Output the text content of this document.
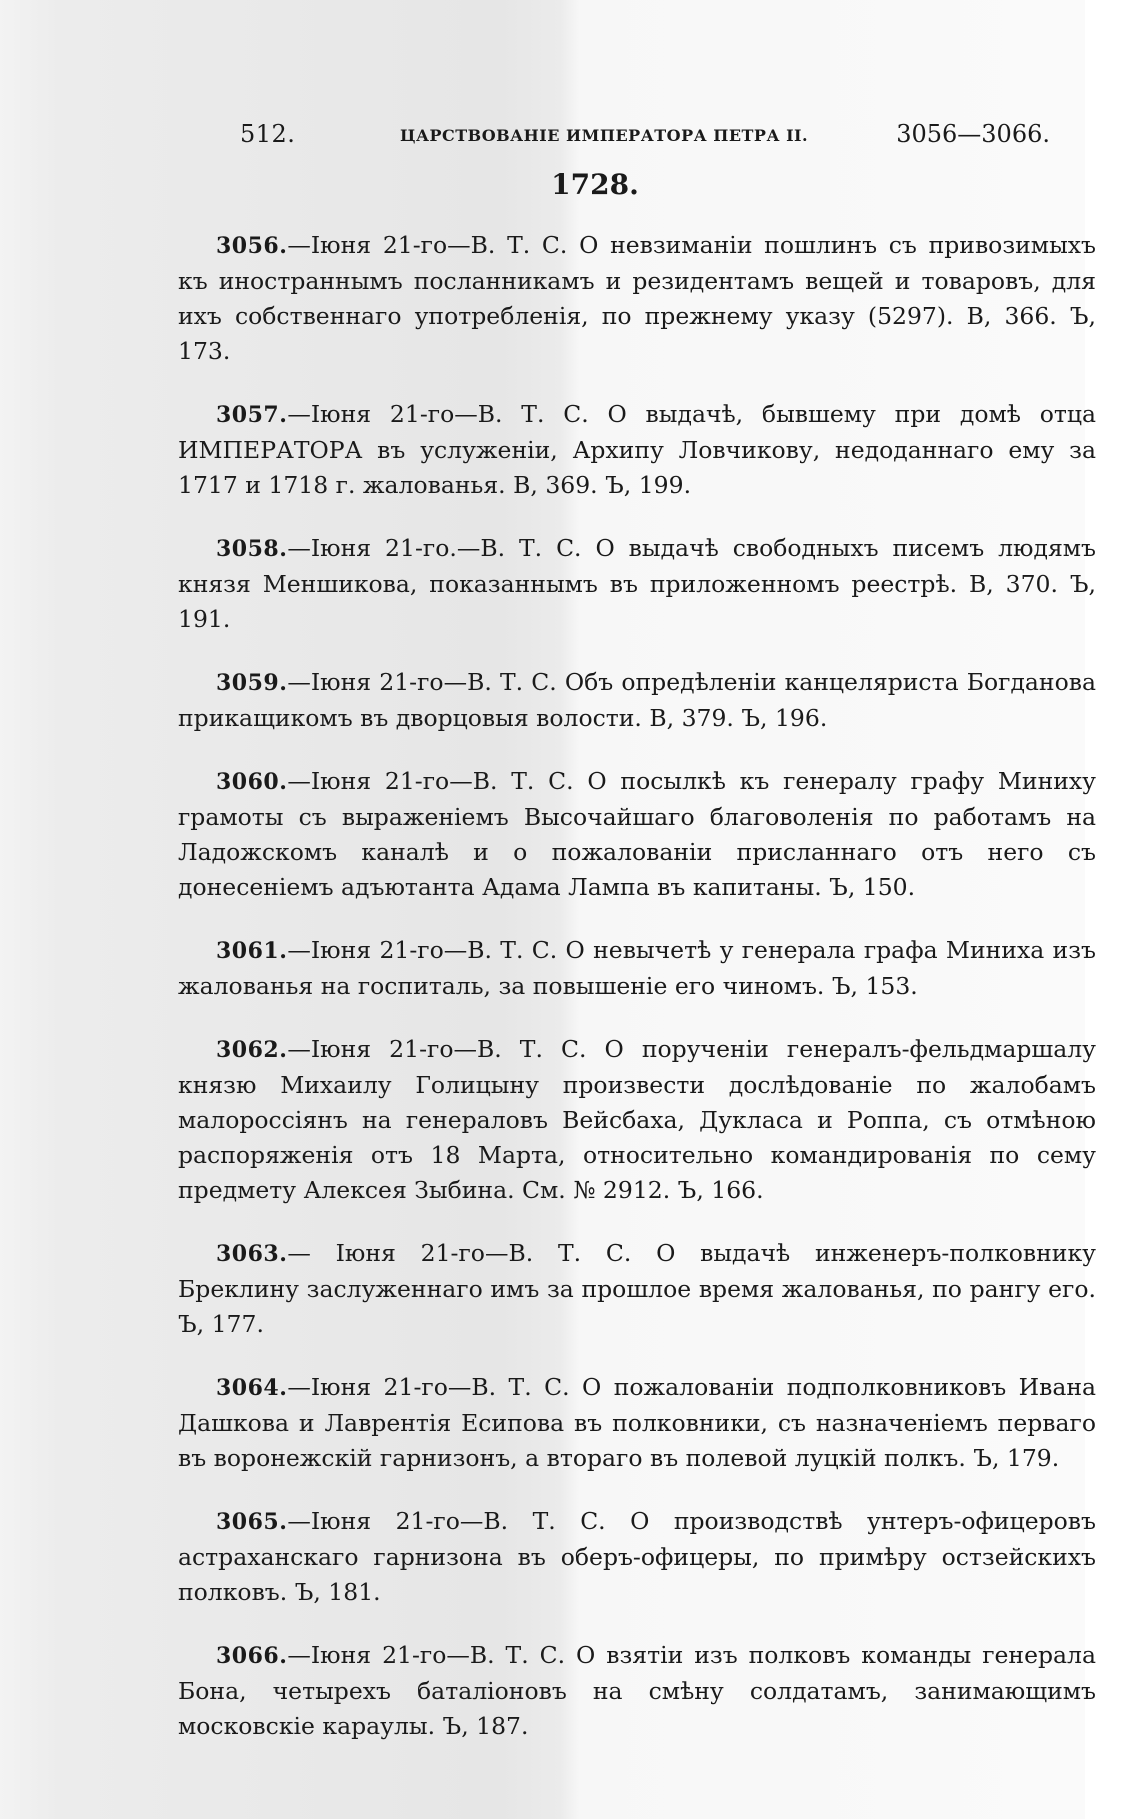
512.	ЦАРСТВОВАНІЕ ИМПЕРАТОРА ПЕТРА II.	3056—3066.
1728.

3056.—Іюня 21-го—В. Т. С. О невзиманіи пошлинъ съ привозимыхъ къ иностраннымъ посланникамъ и резидентамъ вещей и товаровъ, для ихъ собственнаго употребленія, по прежнему указу (5297). В, 366. Ъ, 173.

3057.—Іюня 21-го—В. Т. С. О выдачѣ, бывшему при домѣ отца ИМПЕРАТОРА въ услуженіи, Архипу Ловчикову, недоданнаго ему за 1717 и 1718 г. жалованья. В, 369. Ъ, 199.

3058.—Іюня 21-го.—В. Т. С. О выдачѣ свободныхъ писемъ людямъ князя Меншикова, показаннымъ въ приложенномъ реестрѣ. В, 370. Ъ, 191.

3059.—Іюня 21-го—В. Т. С. Объ опредѣленіи канцеляриста Богданова прикащикомъ въ дворцовыя волости. В, 379. Ъ, 196.

3060.—Іюня 21-го—В. Т. С. О посылкѣ къ генералу графу Миниху грамоты съ выраженіемъ Высочайшаго благоволенія по работамъ на Ладожскомъ каналѣ и о пожалованіи присланнаго отъ него съ донесеніемъ адъютанта Адама Лампа въ капитаны. Ъ, 150.

3061.—Іюня 21-го—В. Т. С. О невычетѣ у генерала графа Миниха изъ жалованья на госпиталь, за повышеніе его чиномъ. Ъ, 153.

3062.—Іюня 21-го—В. Т. С. О порученіи генералъ-фельдмаршалу князю Михаилу Голицыну произвести дослѣдованіе по жалобамъ малороссіянъ на генераловъ Вейсбаха, Дукласа и Роппа, съ отмѣною распоряженія отъ 18 Марта, относительно командированія по сему предмету Алексея Зыбина. См. № 2912. Ъ, 166.

3063.— Іюня 21-го—В. Т. С. О выдачѣ инженеръ-полковнику Бреклину заслуженнаго имъ за прошлое время жалованья, по рангу его. Ъ, 177.

3064.—Іюня 21-го—В. Т. С. О пожалованіи подполковниковъ Ивана Дашкова и Лаврентія Есипова въ полковники, съ назначеніемъ перваго въ воронежскій гарнизонъ, а втораго въ полевой луцкій полкъ. Ъ, 179.

3065.—Іюня 21-го—В. Т. С. О производствѣ унтеръ-офицеровъ астраханскаго гарнизона въ оберъ-офицеры, по примѣру остзейскихъ полковъ. Ъ, 181.

3066.—Іюня 21-го—В. Т. С. О взятіи изъ полковъ команды генерала Бона, четырехъ баталіоновъ на смѣну солдатамъ, занимающимъ московскіе караулы. Ъ, 187.
